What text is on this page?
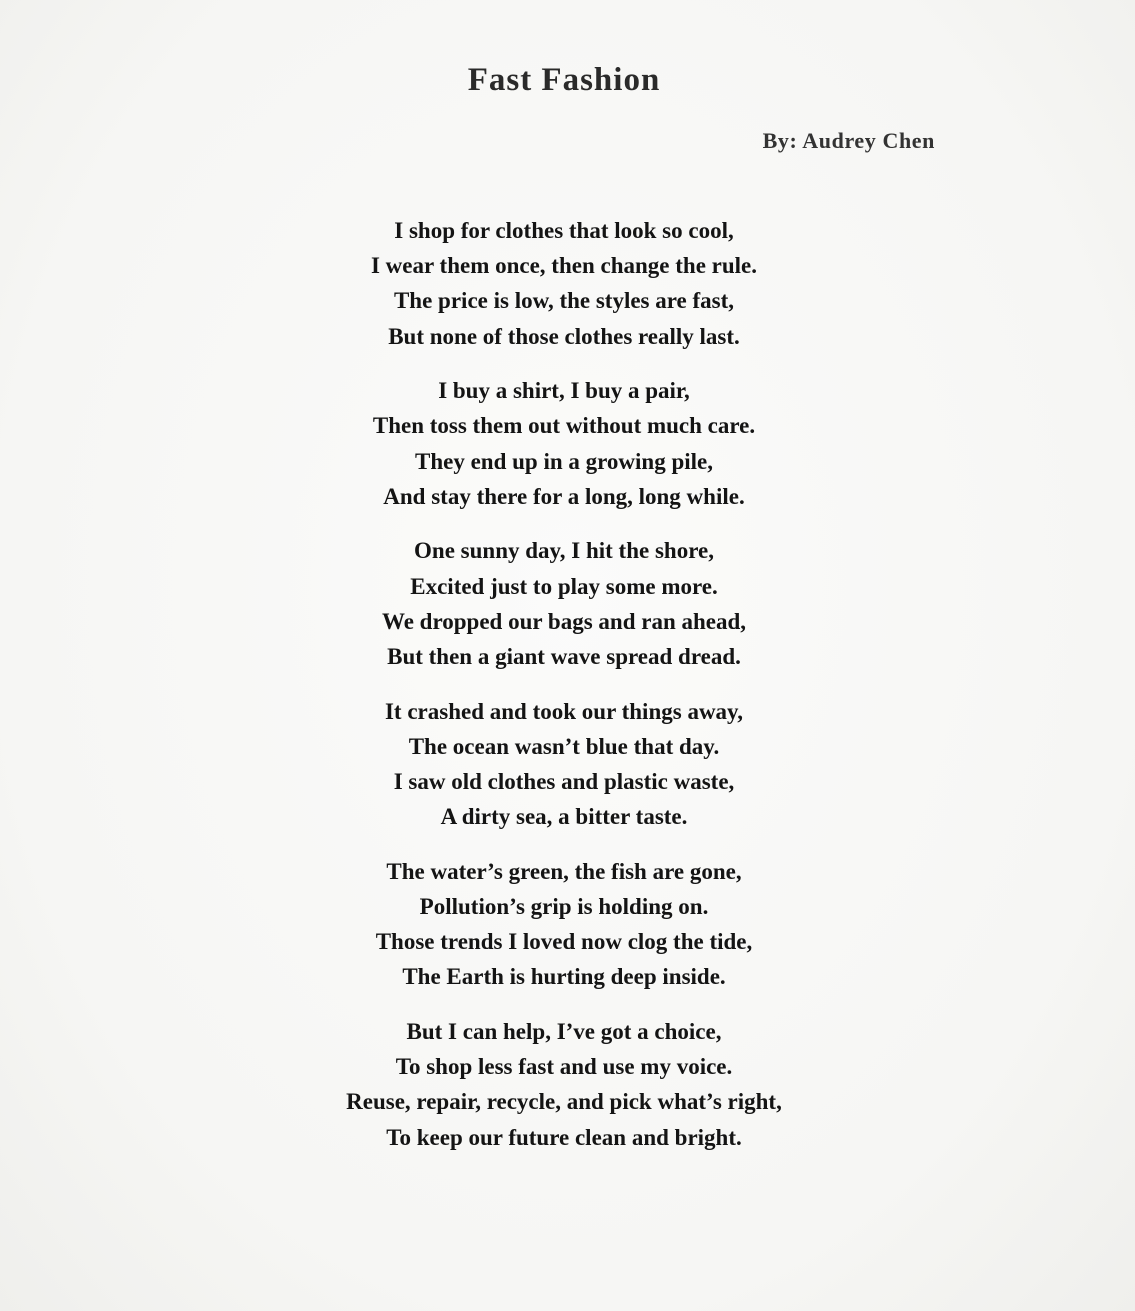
Fast Fashion

By: Audrey Chen

I shop for clothes that look so cool,
I wear them once, then change the rule.
The price is low, the styles are fast,
But none of those clothes really last.
I buy a shirt, I buy a pair,
Then toss them out without much care.
They end up in a growing pile,
And stay there for a long, long while.
One sunny day, I hit the shore,
Excited just to play some more.
We dropped our bags and ran ahead,
But then a giant wave spread dread.
It crashed and took our things away,
The ocean wasn’t blue that day.
I saw old clothes and plastic waste,
A dirty sea, a bitter taste.
The water’s green, the fish are gone,
Pollution’s grip is holding on.
Those trends I loved now clog the tide,
The Earth is hurting deep inside.
But I can help, I’ve got a choice,
To shop less fast and use my voice.
Reuse, repair, recycle, and pick what’s right,
To keep our future clean and bright.
